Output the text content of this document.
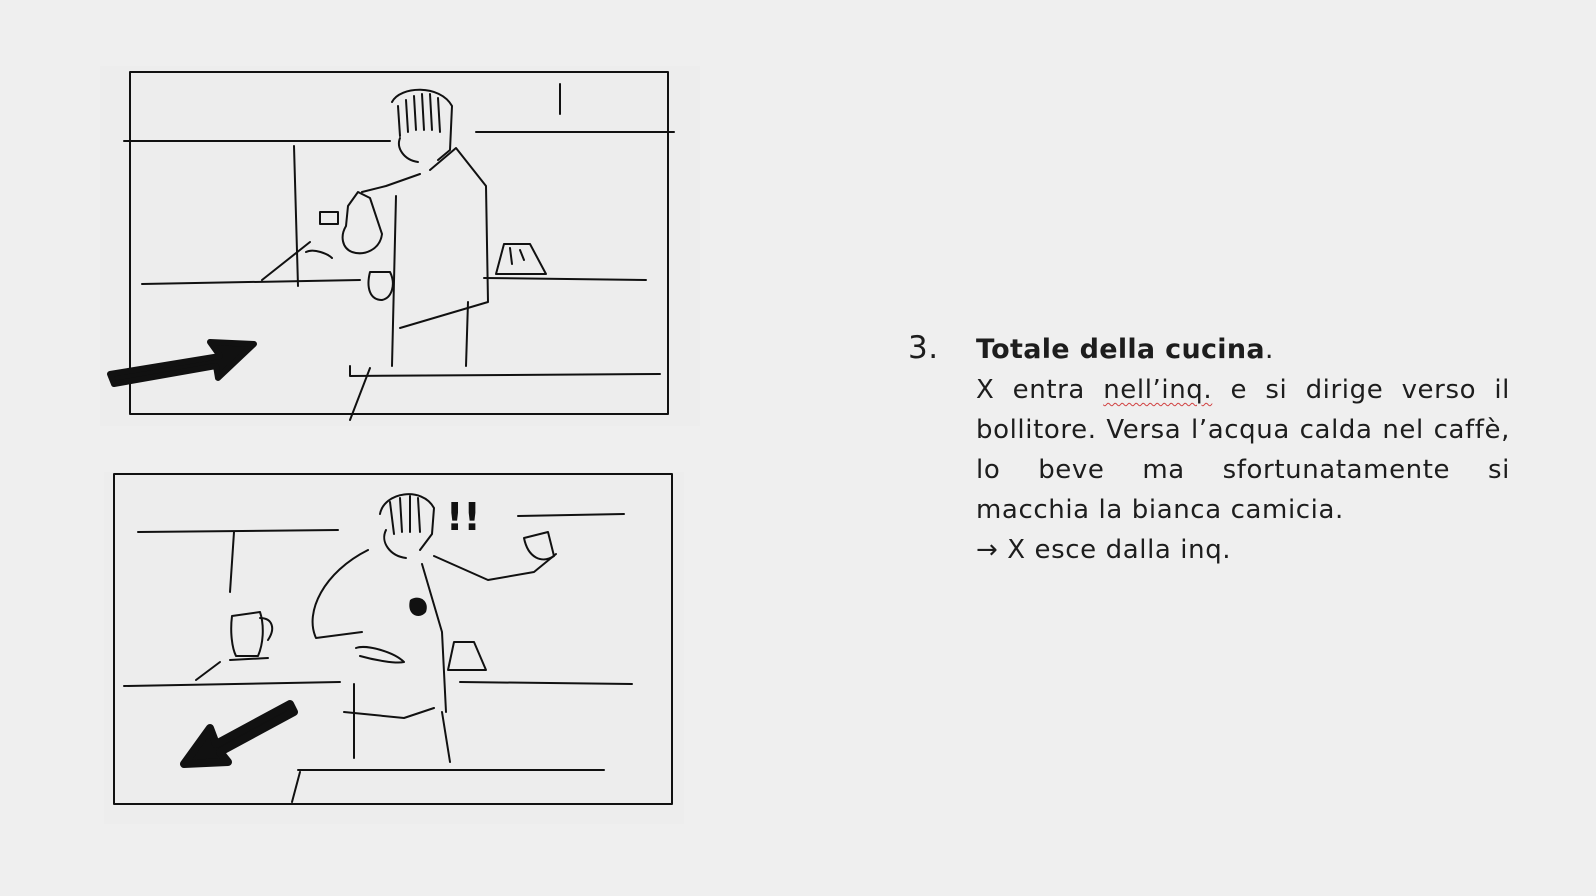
!!
3. Totale della cucina.
X entra nell’inq. e si dirige verso il bollitore. Versa l’acqua calda nel caffè, lo beve ma sfortunatamente si macchia la bianca camicia.
→ X esce dalla inq.
